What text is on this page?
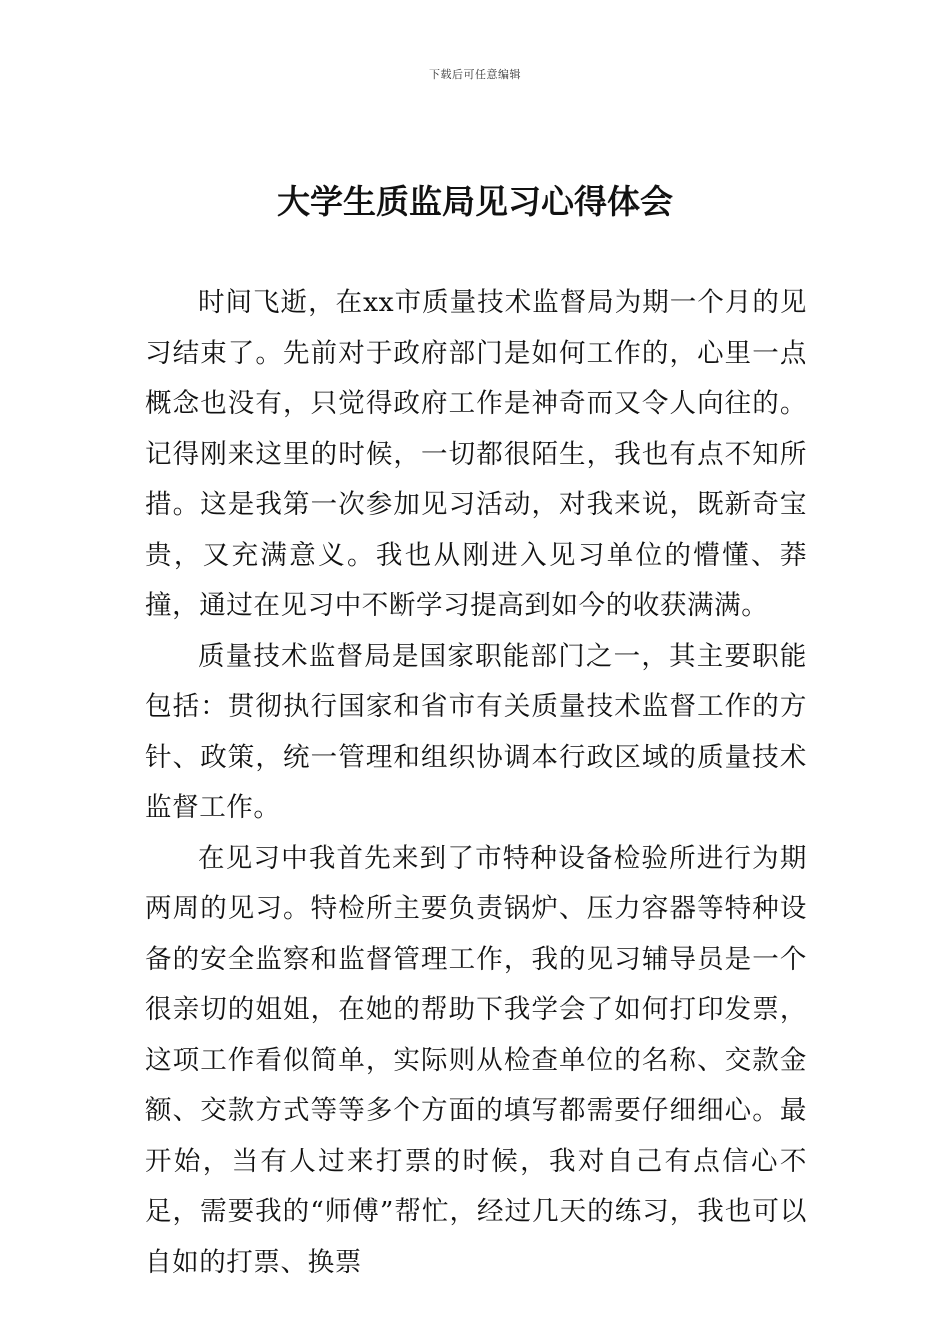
下载后可任意编辑
大学生质监局见习心得体会

时间飞逝，在xx市质量技术监督局为期一个月的见习结束了。先前对于政府部门是如何工作的，心里一点概念也没有，只觉得政府工作是神奇而又令人向往的。记得刚来这里的时候，一切都很陌生，我也有点不知所措。这是我第一次参加见习活动，对我来说，既新奇宝贵，又充满意义。我也从刚进入见习单位的懵懂、莽撞，通过在见习中不断学习提高到如今的收获满满。

质量技术监督局是国家职能部门之一，其主要职能包括：贯彻执行国家和省市有关质量技术监督工作的方针、政策，统一管理和组织协调本行政区域的质量技术监督工作。

在见习中我首先来到了市特种设备检验所进行为期两周的见习。特检所主要负责锅炉、压力容器等特种设备的安全监察和监督管理工作，我的见习辅导员是一个很亲切的姐姐，在她的帮助下我学会了如何打印发票，这项工作看似简单，实际则从检查单位的名称、交款金额、交款方式等等多个方面的填写都需要仔细细心。最开始，当有人过来打票的时候，我对自己有点信心不足，需要我的“师傅”帮忙，经过几天的练习，我也可以自如的打票、换票
